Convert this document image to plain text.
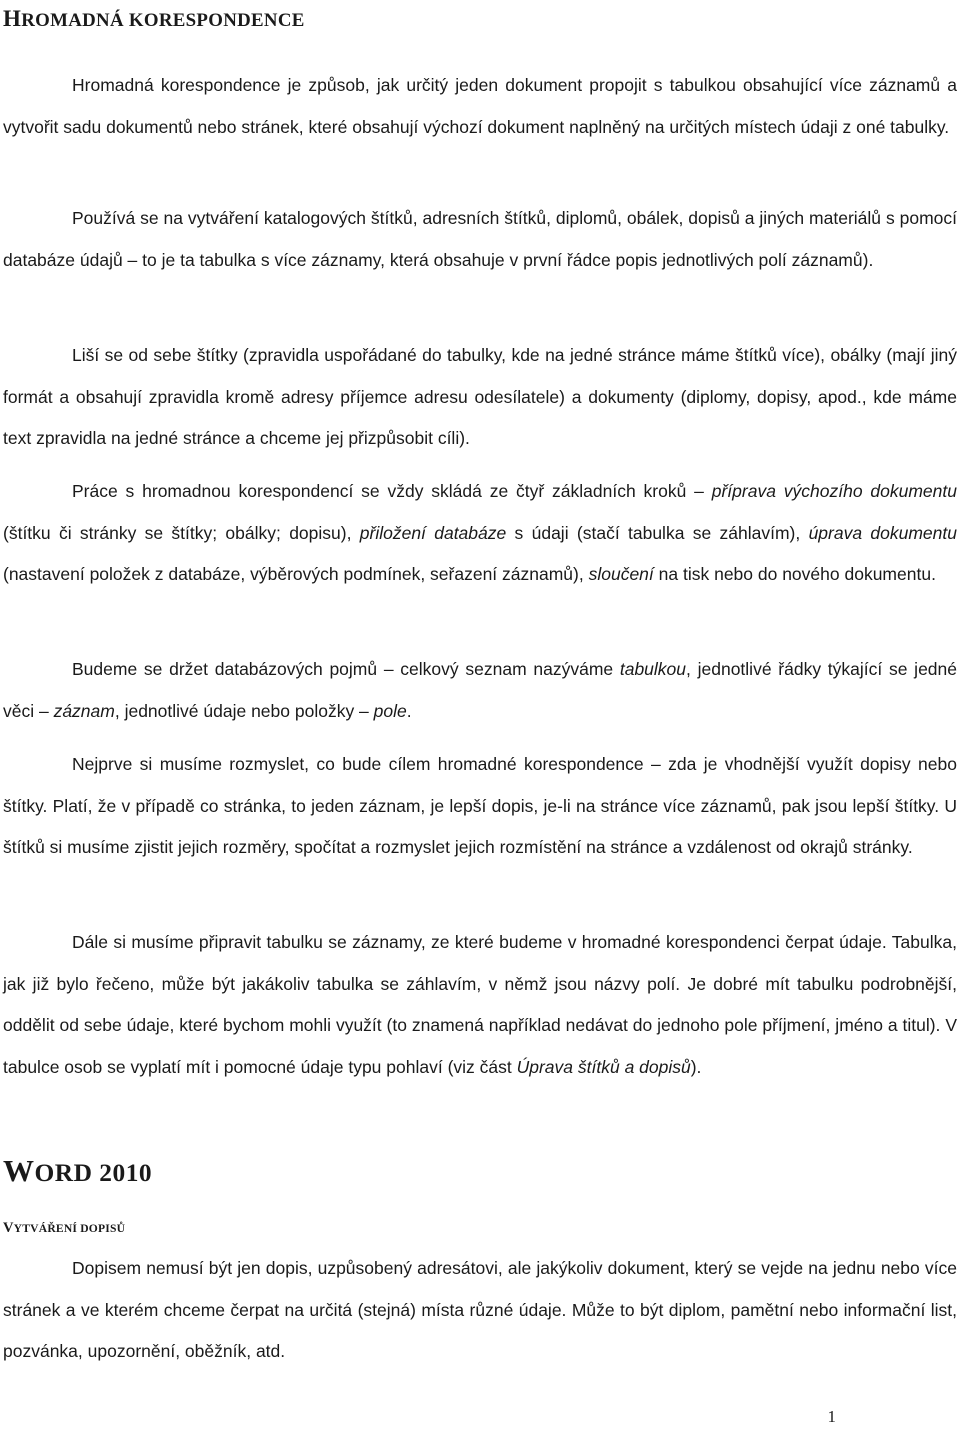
HROMADNÁ KORESPONDENCE

Hromadná korespondence je způsob, jak určitý jeden dokument propojit s tabulkou obsahující více záznamů a vytvořit sadu dokumentů nebo stránek, které obsahují výchozí dokument naplněný na určitých místech údaji z oné tabulky.

Používá se na vytváření katalogových štítků, adresních štítků, diplomů, obálek, dopisů a jiných materiálů s pomocí databáze údajů – to je ta tabulka s více záznamy, která obsahuje v první řádce popis jednotlivých polí záznamů).

Liší se od sebe štítky (zpravidla uspořádané do tabulky, kde na jedné stránce máme štítků více), obálky (mají jiný formát a obsahují zpravidla kromě adresy příjemce adresu odesílatele) a dokumenty (diplomy, dopisy, apod., kde máme text zpravidla na jedné stránce a chceme jej přizpůsobit cíli).

Práce s hromadnou korespondencí se vždy skládá ze čtyř základních kroků – příprava výchozího dokumentu (štítku či stránky se štítky; obálky; dopisu), přiložení databáze s údaji (stačí tabulka se záhlavím), úprava dokumentu (nastavení položek z databáze, výběrových podmínek, seřazení záznamů), sloučení na tisk nebo do nového dokumentu.

Budeme se držet databázových pojmů – celkový seznam nazýváme tabulkou, jednotlivé řádky týkající se jedné věci – záznam, jednotlivé údaje nebo položky – pole.

Nejprve si musíme rozmyslet, co bude cílem hromadné korespondence – zda je vhodnější využít dopisy nebo štítky. Platí, že v případě co stránka, to jeden záznam, je lepší dopis, je-li na stránce více záznamů, pak jsou lepší štítky. U štítků si musíme zjistit jejich rozměry, spočítat a rozmyslet jejich rozmístění na stránce a vzdálenost od okrajů stránky.

Dále si musíme připravit tabulku se záznamy, ze které budeme v hromadné korespondenci čerpat údaje. Tabulka, jak již bylo řečeno, může být jakákoliv tabulka se záhlavím, v němž jsou názvy polí. Je dobré mít tabulku podrobnější, oddělit od sebe údaje, které bychom mohli využít (to znamená například nedávat do jednoho pole příjmení, jméno a titul). V tabulce osob se vyplatí mít i pomocné údaje typu pohlaví (viz část Úprava štítků a dopisů).

WORD 2010
VYTVÁŘENÍ DOPISŮ

Dopisem nemusí být jen dopis, uzpůsobený adresátovi, ale jakýkoliv dokument, který se vejde na jednu nebo více stránek a ve kterém chceme čerpat na určitá (stejná) místa různé údaje. Může to být diplom, pamětní nebo informační list, pozvánka, upozornění, oběžník, atd.

1
